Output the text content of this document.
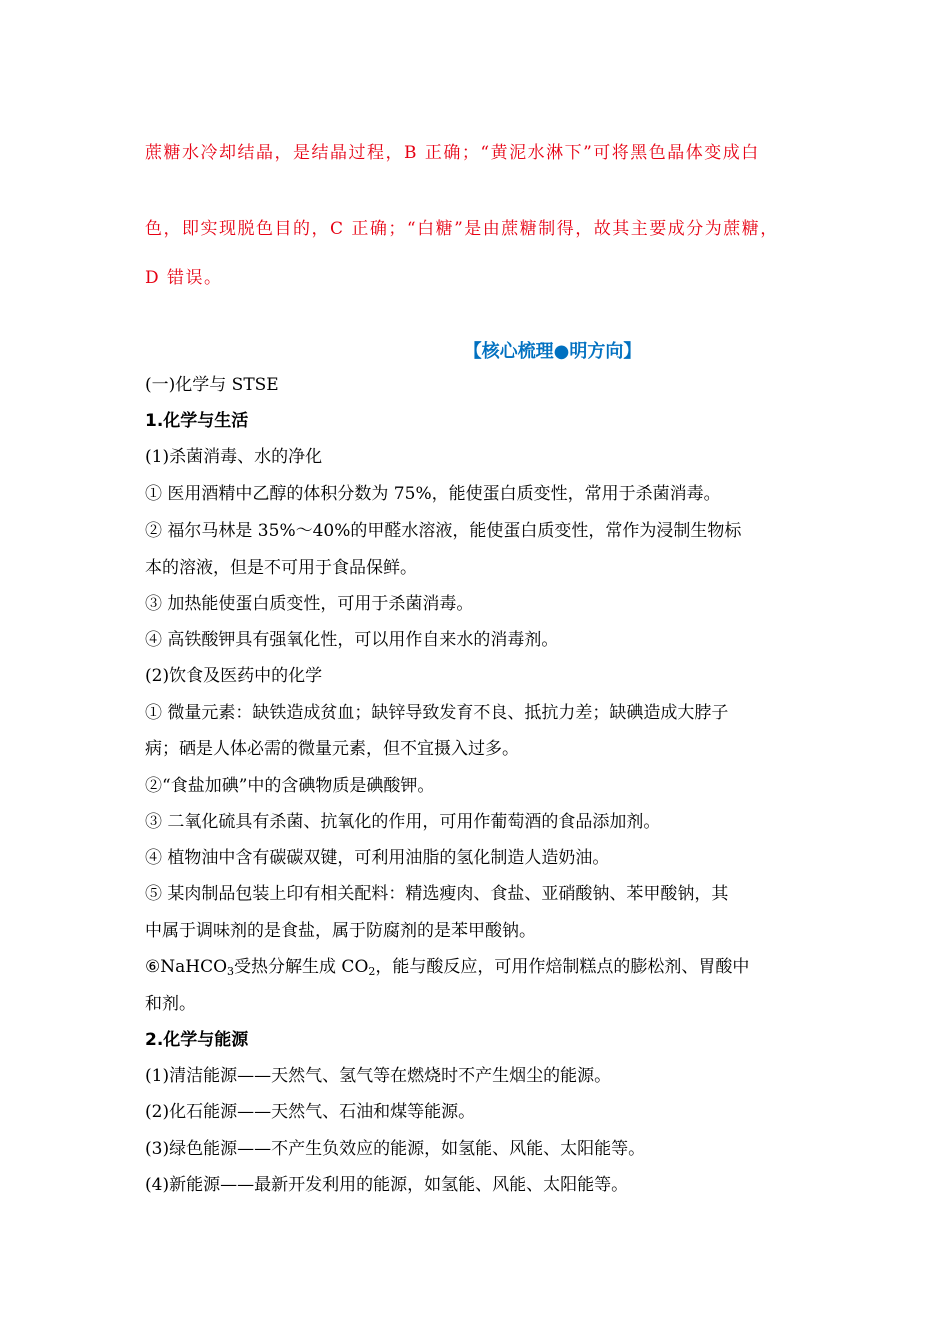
蔗糖水冷却结晶，是结晶过程，B 正确；“黄泥水淋下”可将黑色晶体变成白
色，即实现脱色目的，C 正确；“白糖”是由蔗糖制得，故其主要成分为蔗糖，
D 错误。
【核心梳理●明方向】
(一)化学与 STSE
1.化学与生活
(1)杀菌消毒、水的净化
① 医用酒精中乙醇的体积分数为 75%，能使蛋白质变性，常用于杀菌消毒。
② 福尔马林是 35%～40%的甲醛水溶液，能使蛋白质变性，常作为浸制生物标
本的溶液，但是不可用于食品保鲜。
③ 加热能使蛋白质变性，可用于杀菌消毒。
④ 高铁酸钾具有强氧化性，可以用作自来水的消毒剂。
(2)饮食及医药中的化学
① 微量元素：缺铁造成贫血；缺锌导致发育不良、抵抗力差；缺碘造成大脖子
病；硒是人体必需的微量元素，但不宜摄入过多。
②“食盐加碘”中的含碘物质是碘酸钾。
③ 二氧化硫具有杀菌、抗氧化的作用，可用作葡萄酒的食品添加剂。
④ 植物油中含有碳碳双键，可利用油脂的氢化制造人造奶油。
⑤ 某肉制品包装上印有相关配料：精选瘦肉、食盐、亚硝酸钠、苯甲酸钠，其
中属于调味剂的是食盐，属于防腐剂的是苯甲酸钠。
⑥NaHCO$_3$受热分解生成 $CO_2$，能与酸反应，可用作焙制糕点的膨松剂、胃酸中
和剂。
2.化学与能源
(1)清洁能源——天然气、氢气等在燃烧时不产生烟尘的能源。
(2)化石能源——天然气、石油和煤等能源。
(3)绿色能源——不产生负效应的能源，如氢能、风能、太阳能等。
(4)新能源——最新开发利用的能源，如氢能、风能、太阳能等。
